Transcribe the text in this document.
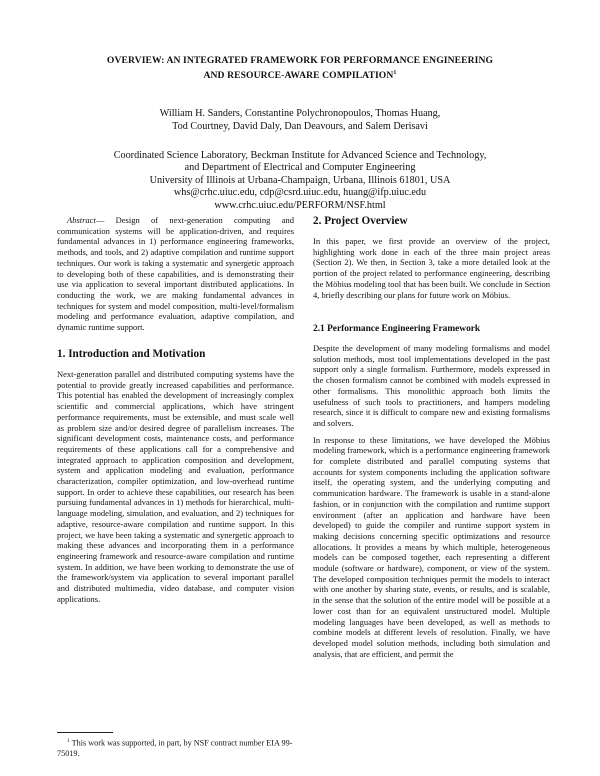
OVERVIEW: AN INTEGRATED FRAMEWORK FOR PERFORMANCE ENGINEERING
AND RESOURCE-AWARE COMPILATION$^1$
William H. Sanders, Constantine Polychronopoulos, Thomas Huang,
Tod Courtney, David Daly, Dan Deavours, and Salem Derisavi
Coordinated Science Laboratory, Beckman Institute for Advanced Science and Technology,
and Department of Electrical and Computer Engineering
University of Illinois at Urbana-Champaign, Urbana, Illinois 61801, USA
whs@crhc.uiuc.edu, cdp@csrd.uiuc.edu, huang@ifp.uiuc.edu
www.crhc.uiuc.edu/PERFORM/NSF.html

Abstract— Design of next-generation computing and communication systems will be application-driven, and requires fundamental advances in 1) performance engineering frameworks, methods, and tools, and 2) adaptive compilation and runtime support techniques. Our work is taking a systematic and synergetic approach to developing both of these capabilities, and is demonstrating their use via application to several important distributed applications. In conducting the work, we are making fundamental advances in techniques for system and model composition, multi-level/formalism modeling and performance evaluation, adaptive compilation, and dynamic runtime support.

1. Introduction and Motivation

Next-generation parallel and distributed computing systems have the potential to provide greatly increased capabilities and performance. This potential has enabled the development of increasingly complex scientific and commercial applications, which have stringent performance requirements, must be extensible, and must scale well as problem size and/or desired degree of parallelism increases. The significant development costs, maintenance costs, and performance requirements of these applications call for a comprehensive and integrated approach to application composition and development, system and application modeling and evaluation, performance characterization, compiler optimization, and low-overhead runtime support. In order to achieve these capabilities, our research has been pursuing fundamental advances in 1) methods for hierarchical, multi-language modeling, simulation, and evaluation, and 2) techniques for adaptive, resource-aware compilation and runtime support. In this project, we have been taking a systematic and synergetic approach to making these advances and incorporating them in a performance engineering framework and resource-aware compilation and runtime system. In addition, we have been working to demonstrate the use of the framework/system via application to several important parallel and distributed multimedia, video database, and computer vision applications.

$^1$ This work was supported, in part, by NSF contract number EIA 99-75019.
2. Project Overview

In this paper, we first provide an overview of the project, highlighting work done in each of the three main project areas (Section 2). We then, in Section 3, take a more detailed look at the portion of the project related to performance engineering, describing the Möbius modeling tool that has been built. We conclude in Section 4, briefly describing our plans for future work on Möbius.

2.1 Performance Engineering Framework

Despite the development of many modeling formalisms and model solution methods, most tool implementations developed in the past support only a single formalism. Furthermore, models expressed in the chosen formalism cannot be combined with models expressed in other formalisms. This monolithic approach both limits the usefulness of such tools to practitioners, and hampers modeling research, since it is difficult to compare new and existing formalisms and solvers.

In response to these limitations, we have developed the Möbius modeling framework, which is a performance engineering framework for complete distributed and parallel computing systems that accounts for system components including the application software itself, the operating system, and the underlying computing and communication hardware. The framework is usable in a stand-alone fashion, or in conjunction with the compilation and runtime support environment (after an application and hardware have been developed) to guide the compiler and runtime support system in making decisions concerning specific optimizations and resource allocations. It provides a means by which multiple, heterogeneous models can be composed together, each representing a different module (software or hardware), component, or view of the system. The developed composition techniques permit the models to interact with one another by sharing state, events, or results, and is scalable, in the sense that the solution of the entire model will be possible at a lower cost than for an equivalent unstructured model. Multiple modeling languages have been developed, as well as methods to combine models at different levels of resolution. Finally, we have developed model solution methods, including both simulation and analysis, that are efficient, and permit the
